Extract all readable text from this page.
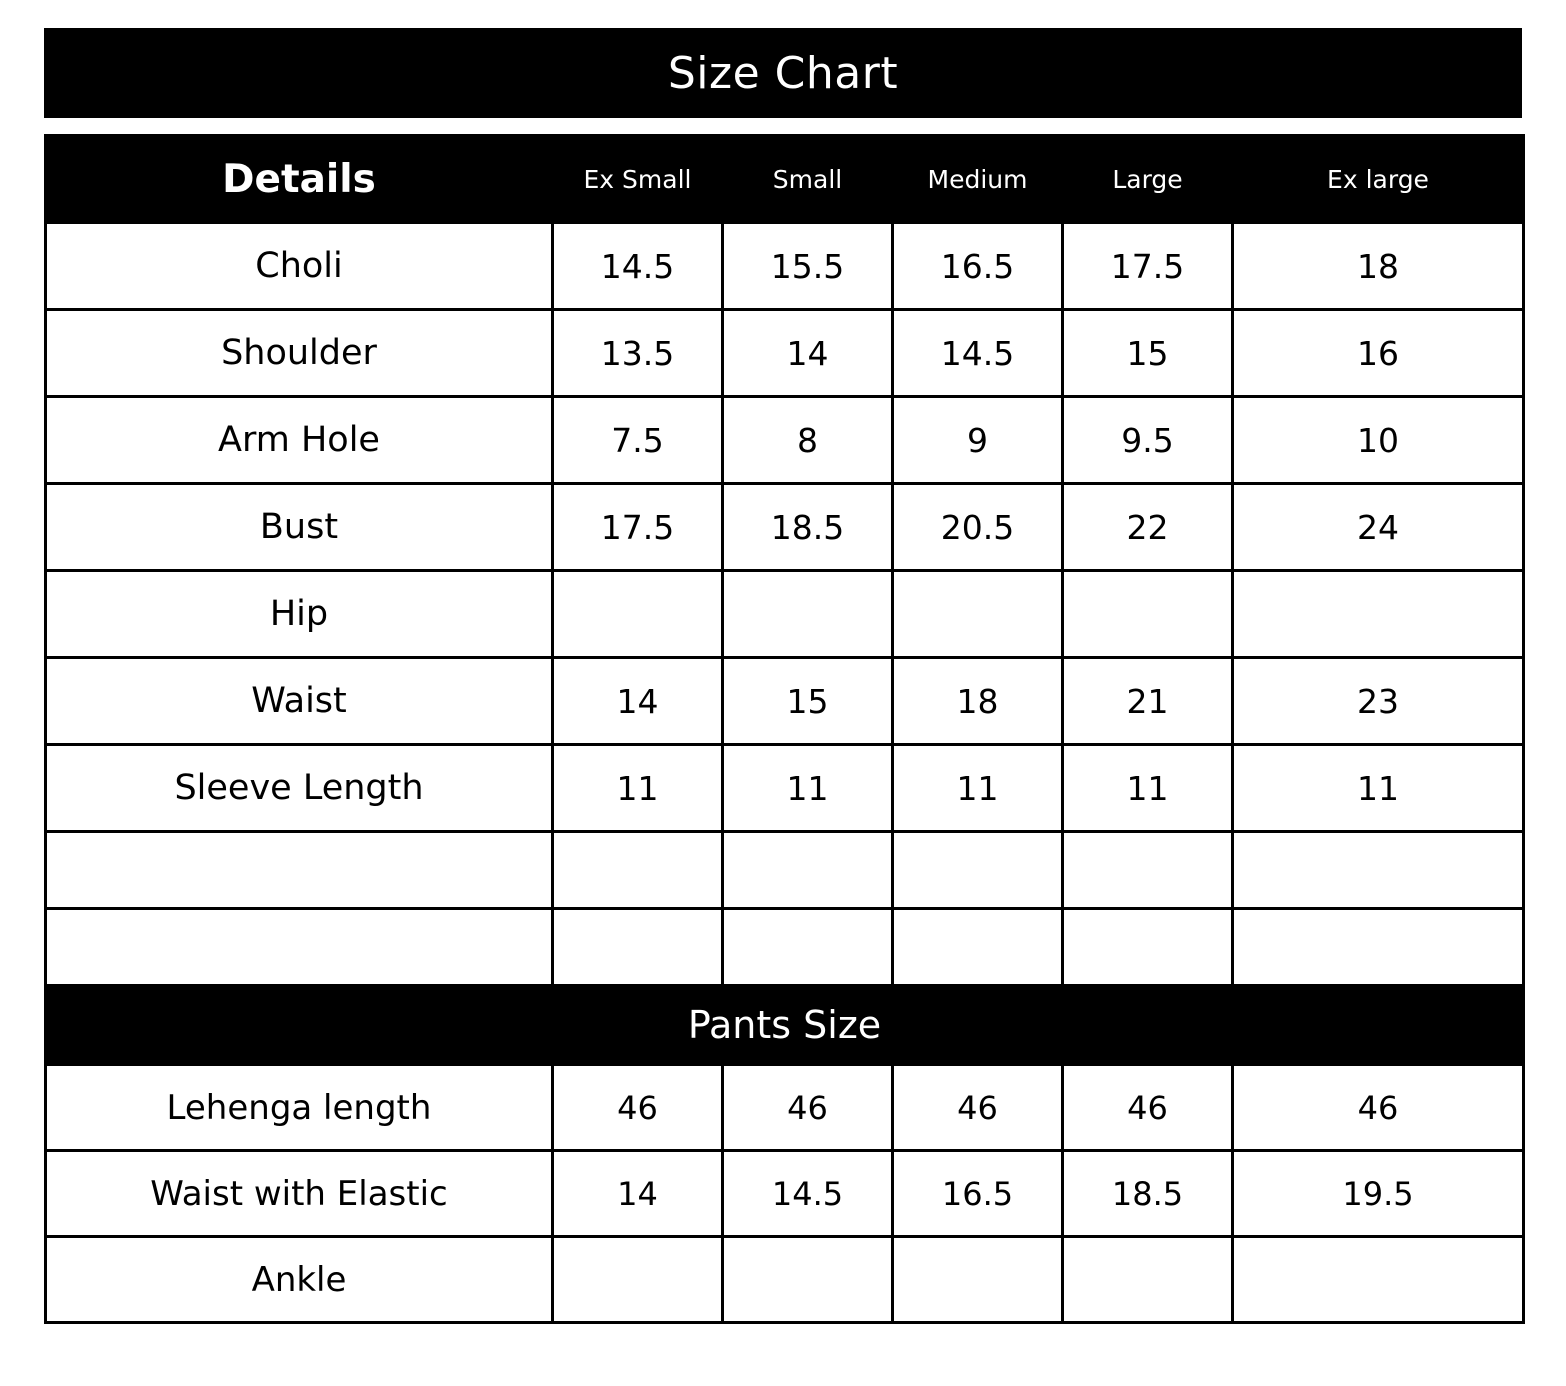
Size Chart
Details	Ex Small	Small	Medium	Large	Ex large
Choli	14.5	15.5	16.5	17.5	18
Shoulder	13.5	14	14.5	15	16
Arm Hole	7.5	8	9	9.5	10
Bust	17.5	18.5	20.5	22	24
Hip					
Waist	14	15	18	21	23
Sleeve Length	11	11	11	11	11

Pants Size					
Lehenga length	46	46	46	46	46
Waist with Elastic	14	14.5	16.5	18.5	19.5
Ankle					
